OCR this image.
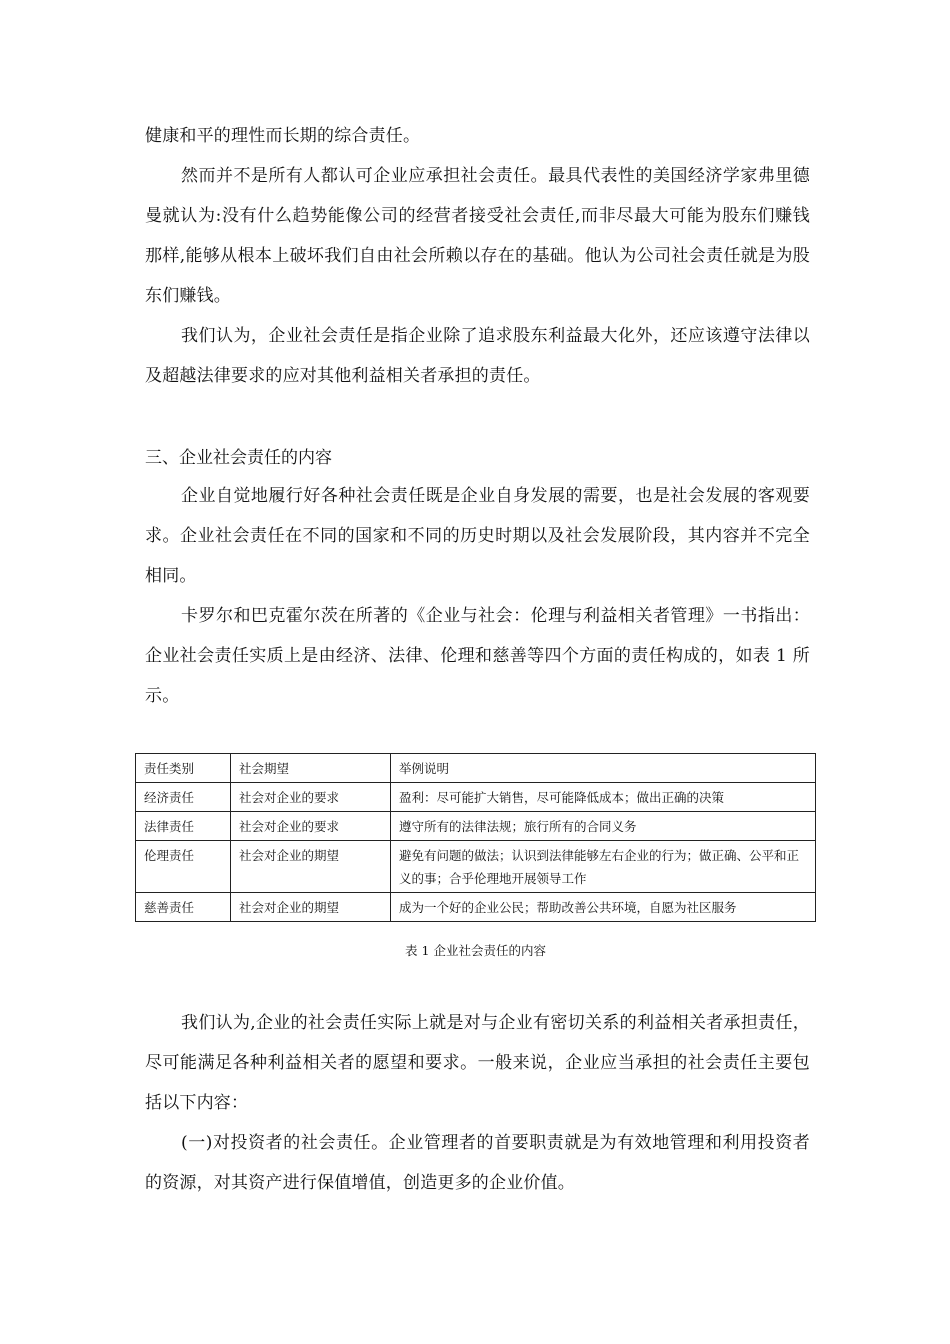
健康和平的理性而长期的综合责任。

然而并不是所有人都认可企业应承担社会责任。最具代表性的美国经济学家弗里德曼就认为:没有什么趋势能像公司的经营者接受社会责任,而非尽最大可能为股东们赚钱那样,能够从根本上破坏我们自由社会所赖以存在的基础。他认为公司社会责任就是为股东们赚钱。

我们认为，企业社会责任是指企业除了追求股东利益最大化外，还应该遵守法律以及超越法律要求的应对其他利益相关者承担的责任。

三、企业社会责任的内容

企业自觉地履行好各种社会责任既是企业自身发展的需要，也是社会发展的客观要求。企业社会责任在不同的国家和不同的历史时期以及社会发展阶段，其内容并不完全相同。

卡罗尔和巴克霍尔茨在所著的《企业与社会：伦理与利益相关者管理》一书指出：企业社会责任实质上是由经济、法律、伦理和慈善等四个方面的责任构成的，如表 1 所示。

责任类别	社会期望	举例说明
经济责任	社会对企业的要求	盈利：尽可能扩大销售，尽可能降低成本；做出正确的决策
法律责任	社会对企业的要求	遵守所有的法律法规；旅行所有的合同义务
伦理责任	社会对企业的期望	避免有问题的做法；认识到法律能够左右企业的行为；做正确、公平和正义的事；合乎伦理地开展领导工作
慈善责任	社会对企业的期望	成为一个好的企业公民；帮助改善公共环境，自愿为社区服务
表 1 企业社会责任的内容

我们认为,企业的社会责任实际上就是对与企业有密切关系的利益相关者承担责任，尽可能满足各种利益相关者的愿望和要求。一般来说，企业应当承担的社会责任主要包括以下内容：

(一)对投资者的社会责任。企业管理者的首要职责就是为有效地管理和利用投资者的资源，对其资产进行保值增值，创造更多的企业价值。
